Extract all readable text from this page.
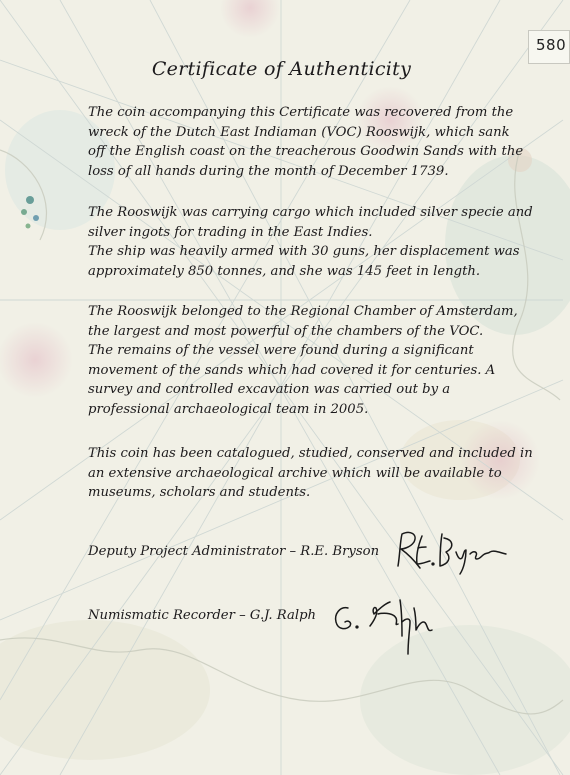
580
Certificate of Authenticity
The coin accompanying this Certificate was recovered from the
wreck of the Dutch East Indiaman (VOC) Rooswijk, which sank
off the English coast on the treacherous Goodwin Sands with the
loss of all hands during the month of December 1739.
The Rooswijk was carrying cargo which included silver specie and
silver ingots for trading in the East Indies.
The ship was heavily armed with 30 guns, her displacement was
approximately 850 tonnes, and she was 145 feet in length.
The Rooswijk belonged to the Regional Chamber of Amsterdam,
the largest and most powerful of the chambers of the VOC.
The remains of the vessel were found during a significant
movement of the sands which had covered it for centuries. A
survey and controlled excavation was carried out by a
professional archaeological team in 2005.
This coin has been catalogued, studied, conserved and included in
an extensive archaeological archive which will be available to
museums, scholars and students.
Deputy Project Administrator – R.E. Bryson
Numismatic Recorder – G.J. Ralph
